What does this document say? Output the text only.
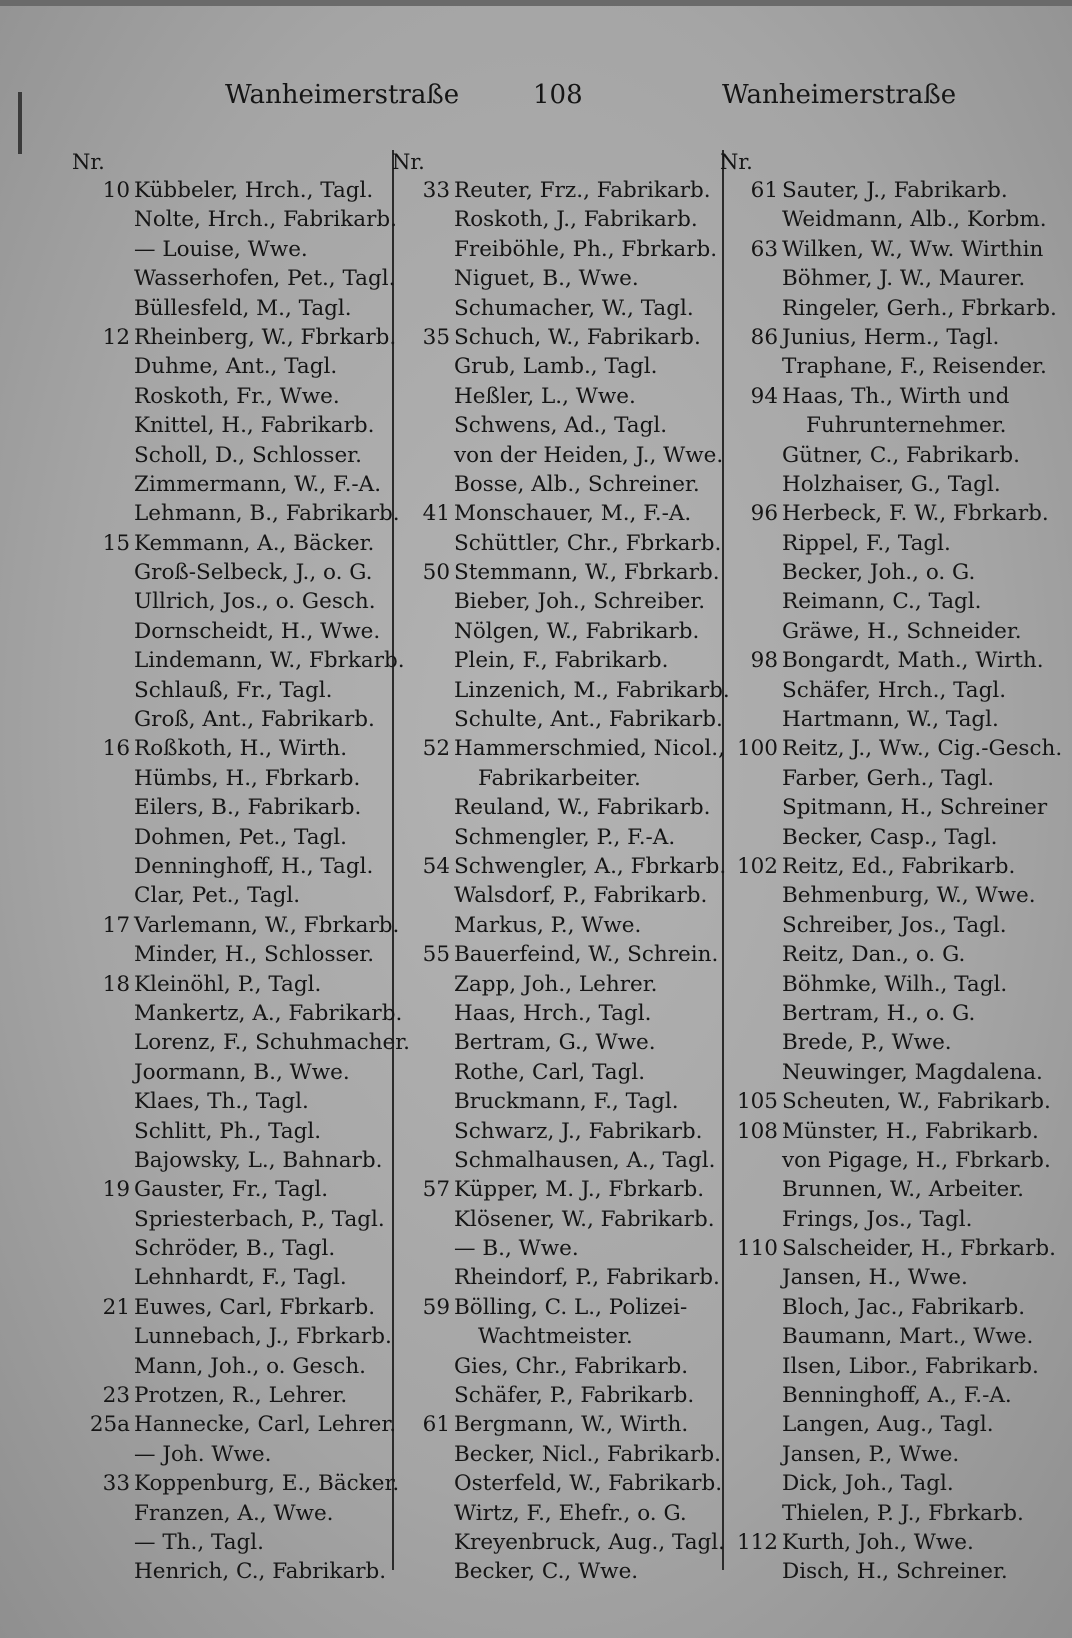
Wanheimerstraße	108	Wanheimerstraße
Nr.
10 Kübbeler, Hrch., Tagl.
Nolte, Hrch., Fabrikarb.
— Louise, Wwe.
Wasserhofen, Pet., Tagl.
Büllesfeld, M., Tagl.
12 Rheinberg, W., Fbrkarb.
Duhme, Ant., Tagl.
Roskoth, Fr., Wwe.
Knittel, H., Fabrikarb.
Scholl, D., Schlosser.
Zimmermann, W., F.-A.
Lehmann, B., Fabrikarb.
15 Kemmann, A., Bäcker.
Groß-Selbeck, J., o. G.
Ullrich, Jos., o. Gesch.
Dornscheidt, H., Wwe.
Lindemann, W., Fbrkarb.
Schlauß, Fr., Tagl.
Groß, Ant., Fabrikarb.
16 Roßkoth, H., Wirth.
Hümbs, H., Fbrkarb.
Eilers, B., Fabrikarb.
Dohmen, Pet., Tagl.
Denninghoff, H., Tagl.
Clar, Pet., Tagl.
17 Varlemann, W., Fbrkarb.
Minder, H., Schlosser.
18 Kleinöhl, P., Tagl.
Mankertz, A., Fabrikarb.
Lorenz, F., Schuhmacher.
Joormann, B., Wwe.
Klaes, Th., Tagl.
Schlitt, Ph., Tagl.
Bajowsky, L., Bahnarb.
19 Gauster, Fr., Tagl.
Spriesterbach, P., Tagl.
Schröder, B., Tagl.
Lehnhardt, F., Tagl.
21 Euwes, Carl, Fbrkarb.
Lunnebach, J., Fbrkarb.
Mann, Joh., o. Gesch.
23 Protzen, R., Lehrer.
25a Hannecke, Carl, Lehrer.
— Joh. Wwe.
33 Koppenburg, E., Bäcker.
Franzen, A., Wwe.
— Th., Tagl.
Henrich, C., Fabrikarb.
Nr.
33 Reuter, Frz., Fabrikarb.
Roskoth, J., Fabrikarb.
Freiböhle, Ph., Fbrkarb.
Niguet, B., Wwe.
Schumacher, W., Tagl.
35 Schuch, W., Fabrikarb.
Grub, Lamb., Tagl.
Heßler, L., Wwe.
Schwens, Ad., Tagl.
von der Heiden, J., Wwe.
Bosse, Alb., Schreiner.
41 Monschauer, M., F.-A.
Schüttler, Chr., Fbrkarb.
50 Stemmann, W., Fbrkarb.
Bieber, Joh., Schreiber.
Nölgen, W., Fabrikarb.
Plein, F., Fabrikarb.
Linzenich, M., Fabrikarb.
Schulte, Ant., Fabrikarb.
52 Hammerschmied, Nicol.,
Fabrikarbeiter.
Reuland, W., Fabrikarb.
Schmengler, P., F.-A.
54 Schwengler, A., Fbrkarb.
Walsdorf, P., Fabrikarb.
Markus, P., Wwe.
55 Bauerfeind, W., Schrein.
Zapp, Joh., Lehrer.
Haas, Hrch., Tagl.
Bertram, G., Wwe.
Rothe, Carl, Tagl.
Bruckmann, F., Tagl.
Schwarz, J., Fabrikarb.
Schmalhausen, A., Tagl.
57 Küpper, M. J., Fbrkarb.
Klösener, W., Fabrikarb.
— B., Wwe.
Rheindorf, P., Fabrikarb.
59 Bölling, C. L., Polizei-
Wachtmeister.
Gies, Chr., Fabrikarb.
Schäfer, P., Fabrikarb.
61 Bergmann, W., Wirth.
Becker, Nicl., Fabrikarb.
Osterfeld, W., Fabrikarb.
Wirtz, F., Ehefr., o. G.
Kreyenbruck, Aug., Tagl.
Becker, C., Wwe.
Nr.
61 Sauter, J., Fabrikarb.
Weidmann, Alb., Korbm.
63 Wilken, W., Ww. Wirthin
Böhmer, J. W., Maurer.
Ringeler, Gerh., Fbrkarb.
86 Junius, Herm., Tagl.
Traphane, F., Reisender.
94 Haas, Th., Wirth und
Fuhrunternehmer.
Gütner, C., Fabrikarb.
Holzhaiser, G., Tagl.
96 Herbeck, F. W., Fbrkarb.
Rippel, F., Tagl.
Becker, Joh., o. G.
Reimann, C., Tagl.
Gräwe, H., Schneider.
98 Bongardt, Math., Wirth.
Schäfer, Hrch., Tagl.
Hartmann, W., Tagl.
100 Reitz, J., Ww., Cig.-Gesch.
Farber, Gerh., Tagl.
Spitmann, H., Schreiner
Becker, Casp., Tagl.
102 Reitz, Ed., Fabrikarb.
Behmenburg, W., Wwe.
Schreiber, Jos., Tagl.
Reitz, Dan., o. G.
Böhmke, Wilh., Tagl.
Bertram, H., o. G.
Brede, P., Wwe.
Neuwinger, Magdalena.
105 Scheuten, W., Fabrikarb.
108 Münster, H., Fabrikarb.
von Pigage, H., Fbrkarb.
Brunnen, W., Arbeiter.
Frings, Jos., Tagl.
110 Salscheider, H., Fbrkarb.
Jansen, H., Wwe.
Bloch, Jac., Fabrikarb.
Baumann, Mart., Wwe.
Ilsen, Libor., Fabrikarb.
Benninghoff, A., F.-A.
Langen, Aug., Tagl.
Jansen, P., Wwe.
Dick, Joh., Tagl.
Thielen, P. J., Fbrkarb.
112 Kurth, Joh., Wwe.
Disch, H., Schreiner.
